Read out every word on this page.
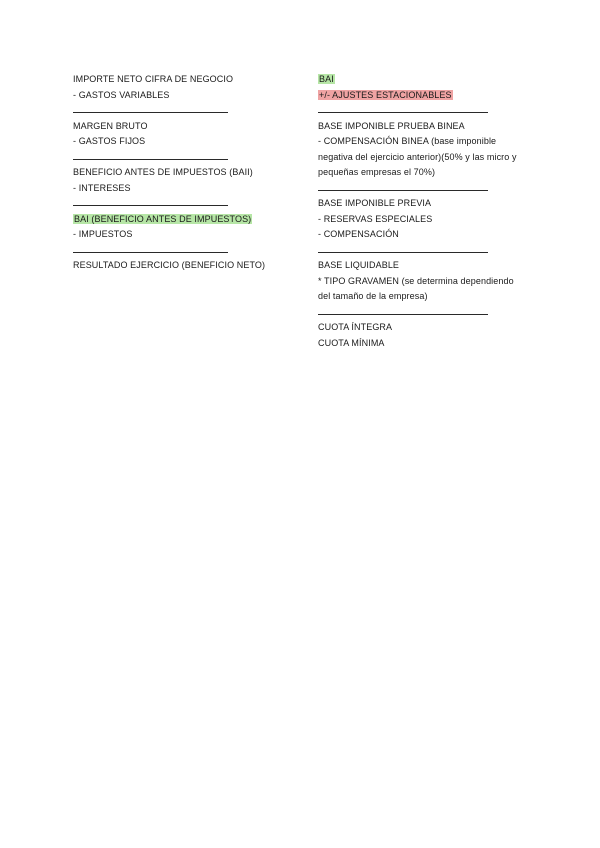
IMPORTE NETO CIFRA DE NEGOCIO
- GASTOS VARIABLES
MARGEN BRUTO
- GASTOS FIJOS
BENEFICIO ANTES DE IMPUESTOS (BAII)
- INTERESES
BAI (BENEFICIO ANTES DE IMPUESTOS)
- IMPUESTOS
RESULTADO EJERCICIO (BENEFICIO NETO)
BAI
+/- AJUSTES ESTACIONABLES
BASE IMPONIBLE PRUEBA BINEA
- COMPENSACIÓN BINEA (base imponible negativa del ejercicio anterior)(50% y las micro y pequeñas empresas el 70%)
BASE IMPONIBLE PREVIA
- RESERVAS ESPECIALES
- COMPENSACIÓN
BASE LIQUIDABLE
* TIPO GRAVAMEN (se determina dependiendo del tamaño de la empresa)
CUOTA ÍNTEGRA
CUOTA MÍNIMA
